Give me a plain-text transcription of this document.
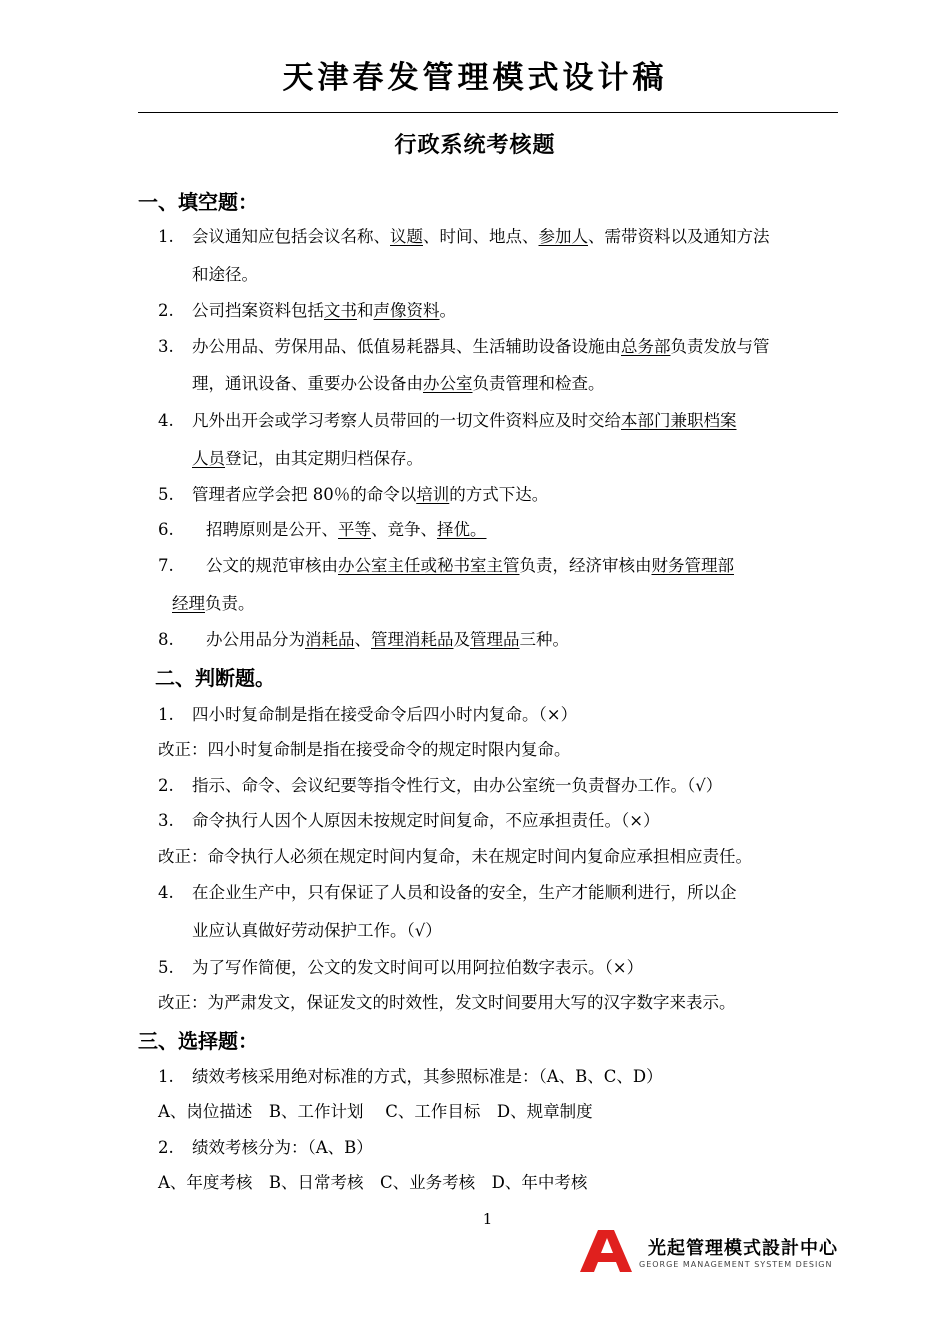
天津春发管理模式设计稿
行政系统考核题
一、填空题：
1. 会议通知应包括会议名称、议题、时间、地点、参加人、需带资料以及通知方法
和途径。
2. 公司挡案资料包括文书和声像资料。
3. 办公用品、劳保用品、低值易耗器具、生活辅助设备设施由总务部负责发放与管
理，通讯设备、重要办公设备由办公室负责管理和检查。
4. 凡外出开会或学习考察人员带回的一切文件资料应及时交给本部门兼职档案
人员登记，由其定期归档保存。
5. 管理者应学会把 80％的命令以培训的方式下达。
6. 招聘原则是公开、平等、竞争、择优。
7. 公文的规范审核由办公室主任或秘书室主管负责，经济审核由财务管理部
经理负责。
8. 办公用品分为消耗品、管理消耗品及管理品三种。
二、判断题。
1. 四小时复命制是指在接受命令后四小时内复命。（×）
改正：四小时复命制是指在接受命令的规定时限内复命。
2. 指示、命令、会议纪要等指令性行文，由办公室统一负责督办工作。（√）
3. 命令执行人因个人原因未按规定时间复命，不应承担责任。（×）
改正：命令执行人必须在规定时间内复命，未在规定时间内复命应承担相应责任。
4. 在企业生产中，只有保证了人员和设备的安全，生产才能顺利进行，所以企
业应认真做好劳动保护工作。（√）
5. 为了写作简便，公文的发文时间可以用阿拉伯数字表示。（×）
改正：为严肃发文，保证发文的时效性，发文时间要用大写的汉字数字来表示。
三、选择题：
1. 绩效考核采用绝对标准的方式，其参照标准是：（A、B、C、D）
A、岗位描述　B、工作计划　 C、工作目标　D、规章制度
2. 绩效考核分为：（A、B）
A、年度考核　B、日常考核　C、业务考核　D、年中考核
1
光起管理模式設計中心
GEORGE MANAGEMENT SYSTEM DESIGN
